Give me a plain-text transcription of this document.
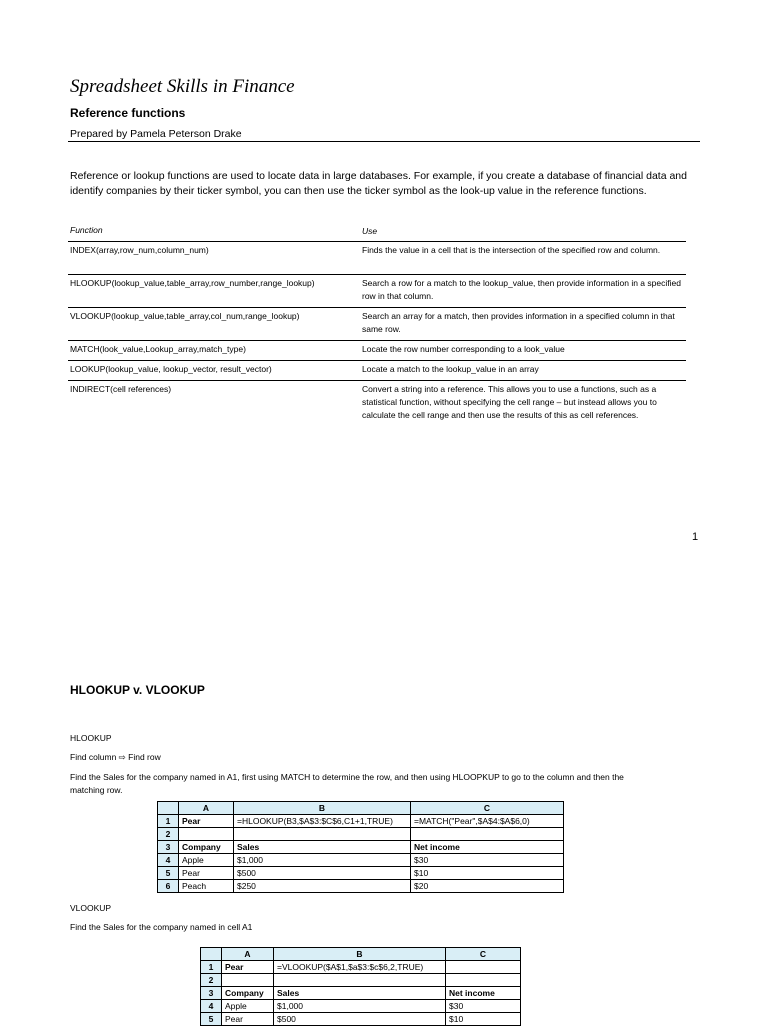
Spreadsheet Skills in Finance
Reference functions
Prepared by Pamela Peterson Drake
Reference or lookup functions are used to locate data in large databases. For example, if you create a database of financial data and identify companies by their ticker symbol, you can then use the ticker symbol as the look-up value in the reference functions.
Function	Use
INDEX(array,row_num,column_num)	Finds the value in a cell that is the intersection of the specified row and column.
HLOOKUP(lookup_value,table_array,row_number,range_lookup)	Search a row for a match to the lookup_value, then provide information in a specified row in that column.
VLOOKUP(lookup_value,table_array,col_num,range_lookup)	Search an array for a match, then provides information in a specified column in that same row.
MATCH(look_value,Lookup_array,match_type)	Locate the row number corresponding to a look_value
LOOKUP(lookup_value, lookup_vector, result_vector)	Locate a match to the lookup_value in an array
INDIRECT(cell references)	Convert a string into a reference. This allows you to use a functions, such as a statistical function, without specifying the cell range – but instead allows you to calculate the cell range and then use the results of this as cell references.
1
HLOOKUP v. VLOOKUP
HLOOKUP
Find column ⇨ Find row
Find the Sales for the company named in A1, first using MATCH to determine the row, and then using HLOOPKUP to go to the column and then the matching row.
	A	B	C
1	Pear	=HLOOKUP(B3,$A$3:$C$6,C1+1,TRUE)	=MATCH("Pear",$A$4:$A$6,0)
2			
3	Company	Sales	Net income
4	Apple	$1,000	$30
5	Pear	$500	$10
6	Peach	$250	$20
VLOOKUP
Find the Sales for the company named in cell A1
	A	B	C
1	Pear	=VLOOKUP($A$1,$a$3:$c$6,2,TRUE)	
2			
3	Company	Sales	Net income
4	Apple	$1,000	$30
5	Pear	$500	$10
